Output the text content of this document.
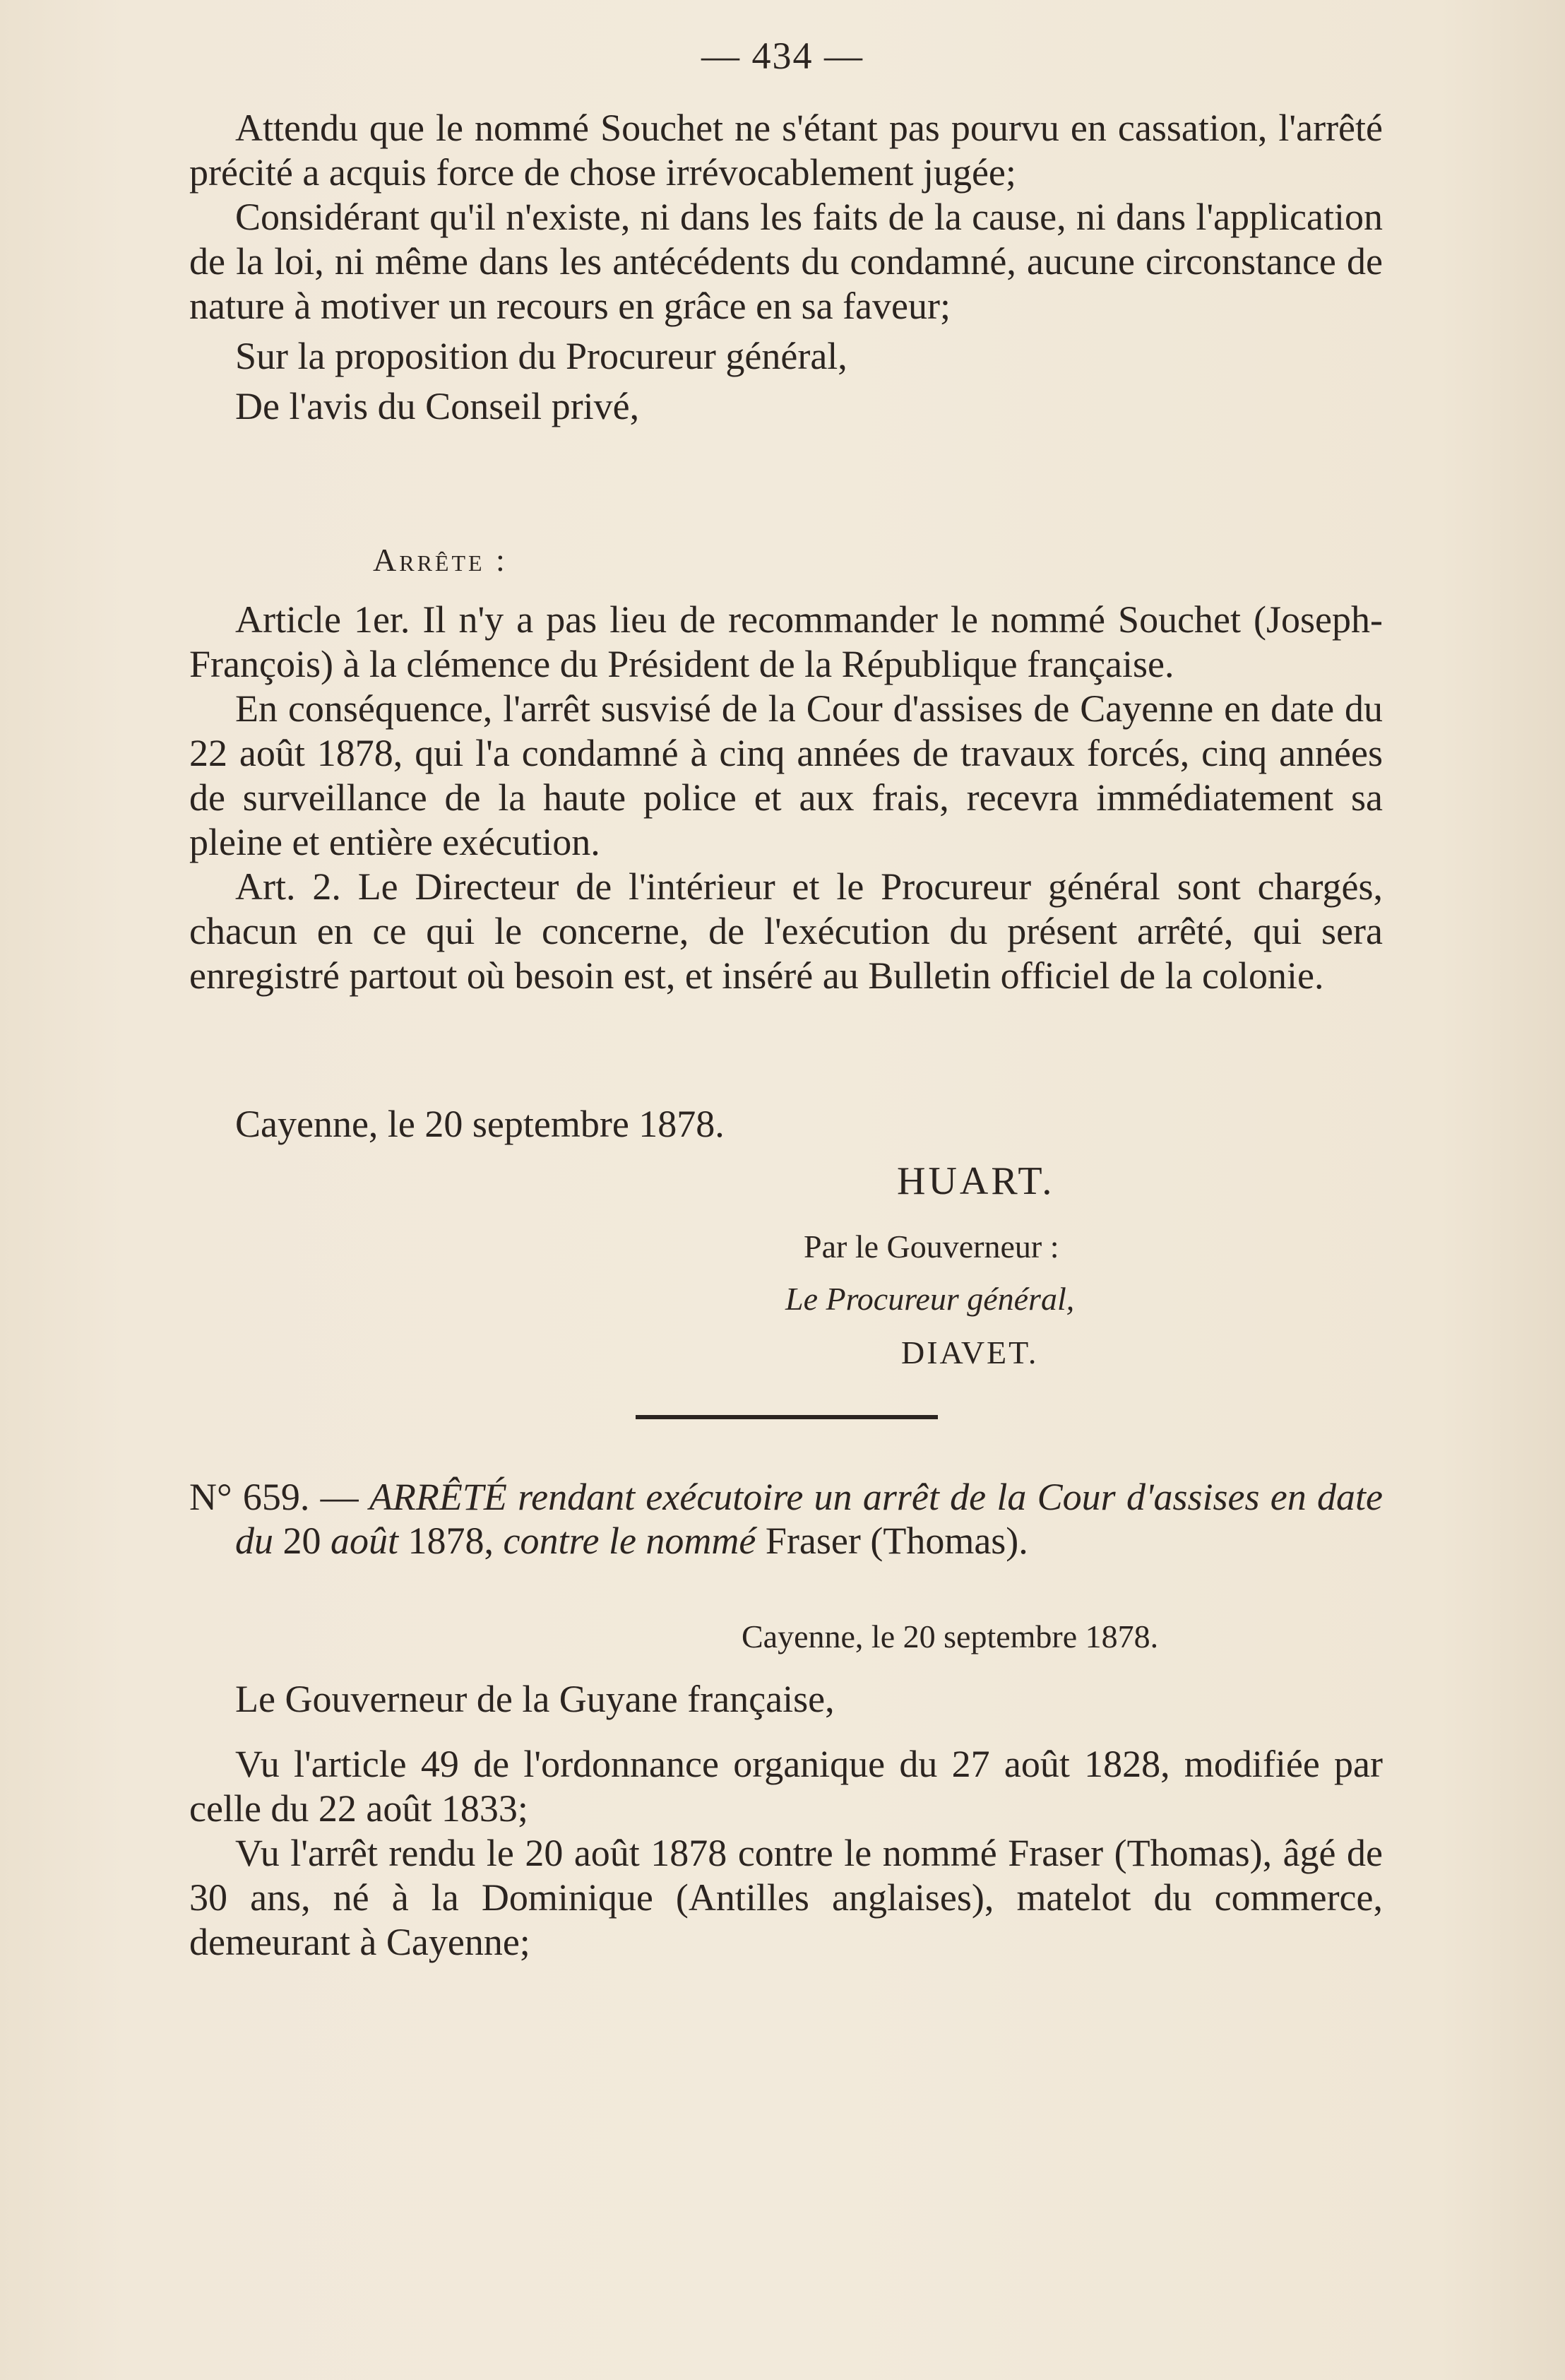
— 434 —

Attendu que le nommé Souchet ne s'étant pas pourvu en cassation, l'arrêté précité a acquis force de chose irrévocablement jugée;

Considérant qu'il n'existe, ni dans les faits de la cause, ni dans l'application de la loi, ni même dans les antécédents du condamné, aucune circonstance de nature à motiver un recours en grâce en sa faveur;

Sur la proposition du Procureur général,

De l'avis du Conseil privé,

Arrête :

Article 1er. Il n'y a pas lieu de recommander le nommé Souchet (Joseph-François) à la clémence du Président de la République française.

En conséquence, l'arrêt susvisé de la Cour d'assises de Cayenne en date du 22 août 1878, qui l'a condamné à cinq années de travaux forcés, cinq années de surveillance de la haute police et aux frais, recevra immédiatement sa pleine et entière exécution.

Art. 2. Le Directeur de l'intérieur et le Procureur général sont chargés, chacun en ce qui le concerne, de l'exécution du présent arrêté, qui sera enregistré partout où besoin est, et inséré au Bulletin officiel de la colonie.

Cayenne, le 20 septembre 1878.
HUART.
Par le Gouverneur :
Le Procureur général,
DIAVET.

N° 659. — ARRÊTÉ rendant exécutoire un arrêt de la Cour d'assises en date du 20 août 1878, contre le nommé Fraser (Thomas).

Cayenne, le 20 septembre 1878.

Le Gouverneur de la Guyane française,

Vu l'article 49 de l'ordonnance organique du 27 août 1828, modifiée par celle du 22 août 1833;

Vu l'arrêt rendu le 20 août 1878 contre le nommé Fraser (Thomas), âgé de 30 ans, né à la Dominique (Antilles anglaises), matelot du commerce, demeurant à Cayenne;
